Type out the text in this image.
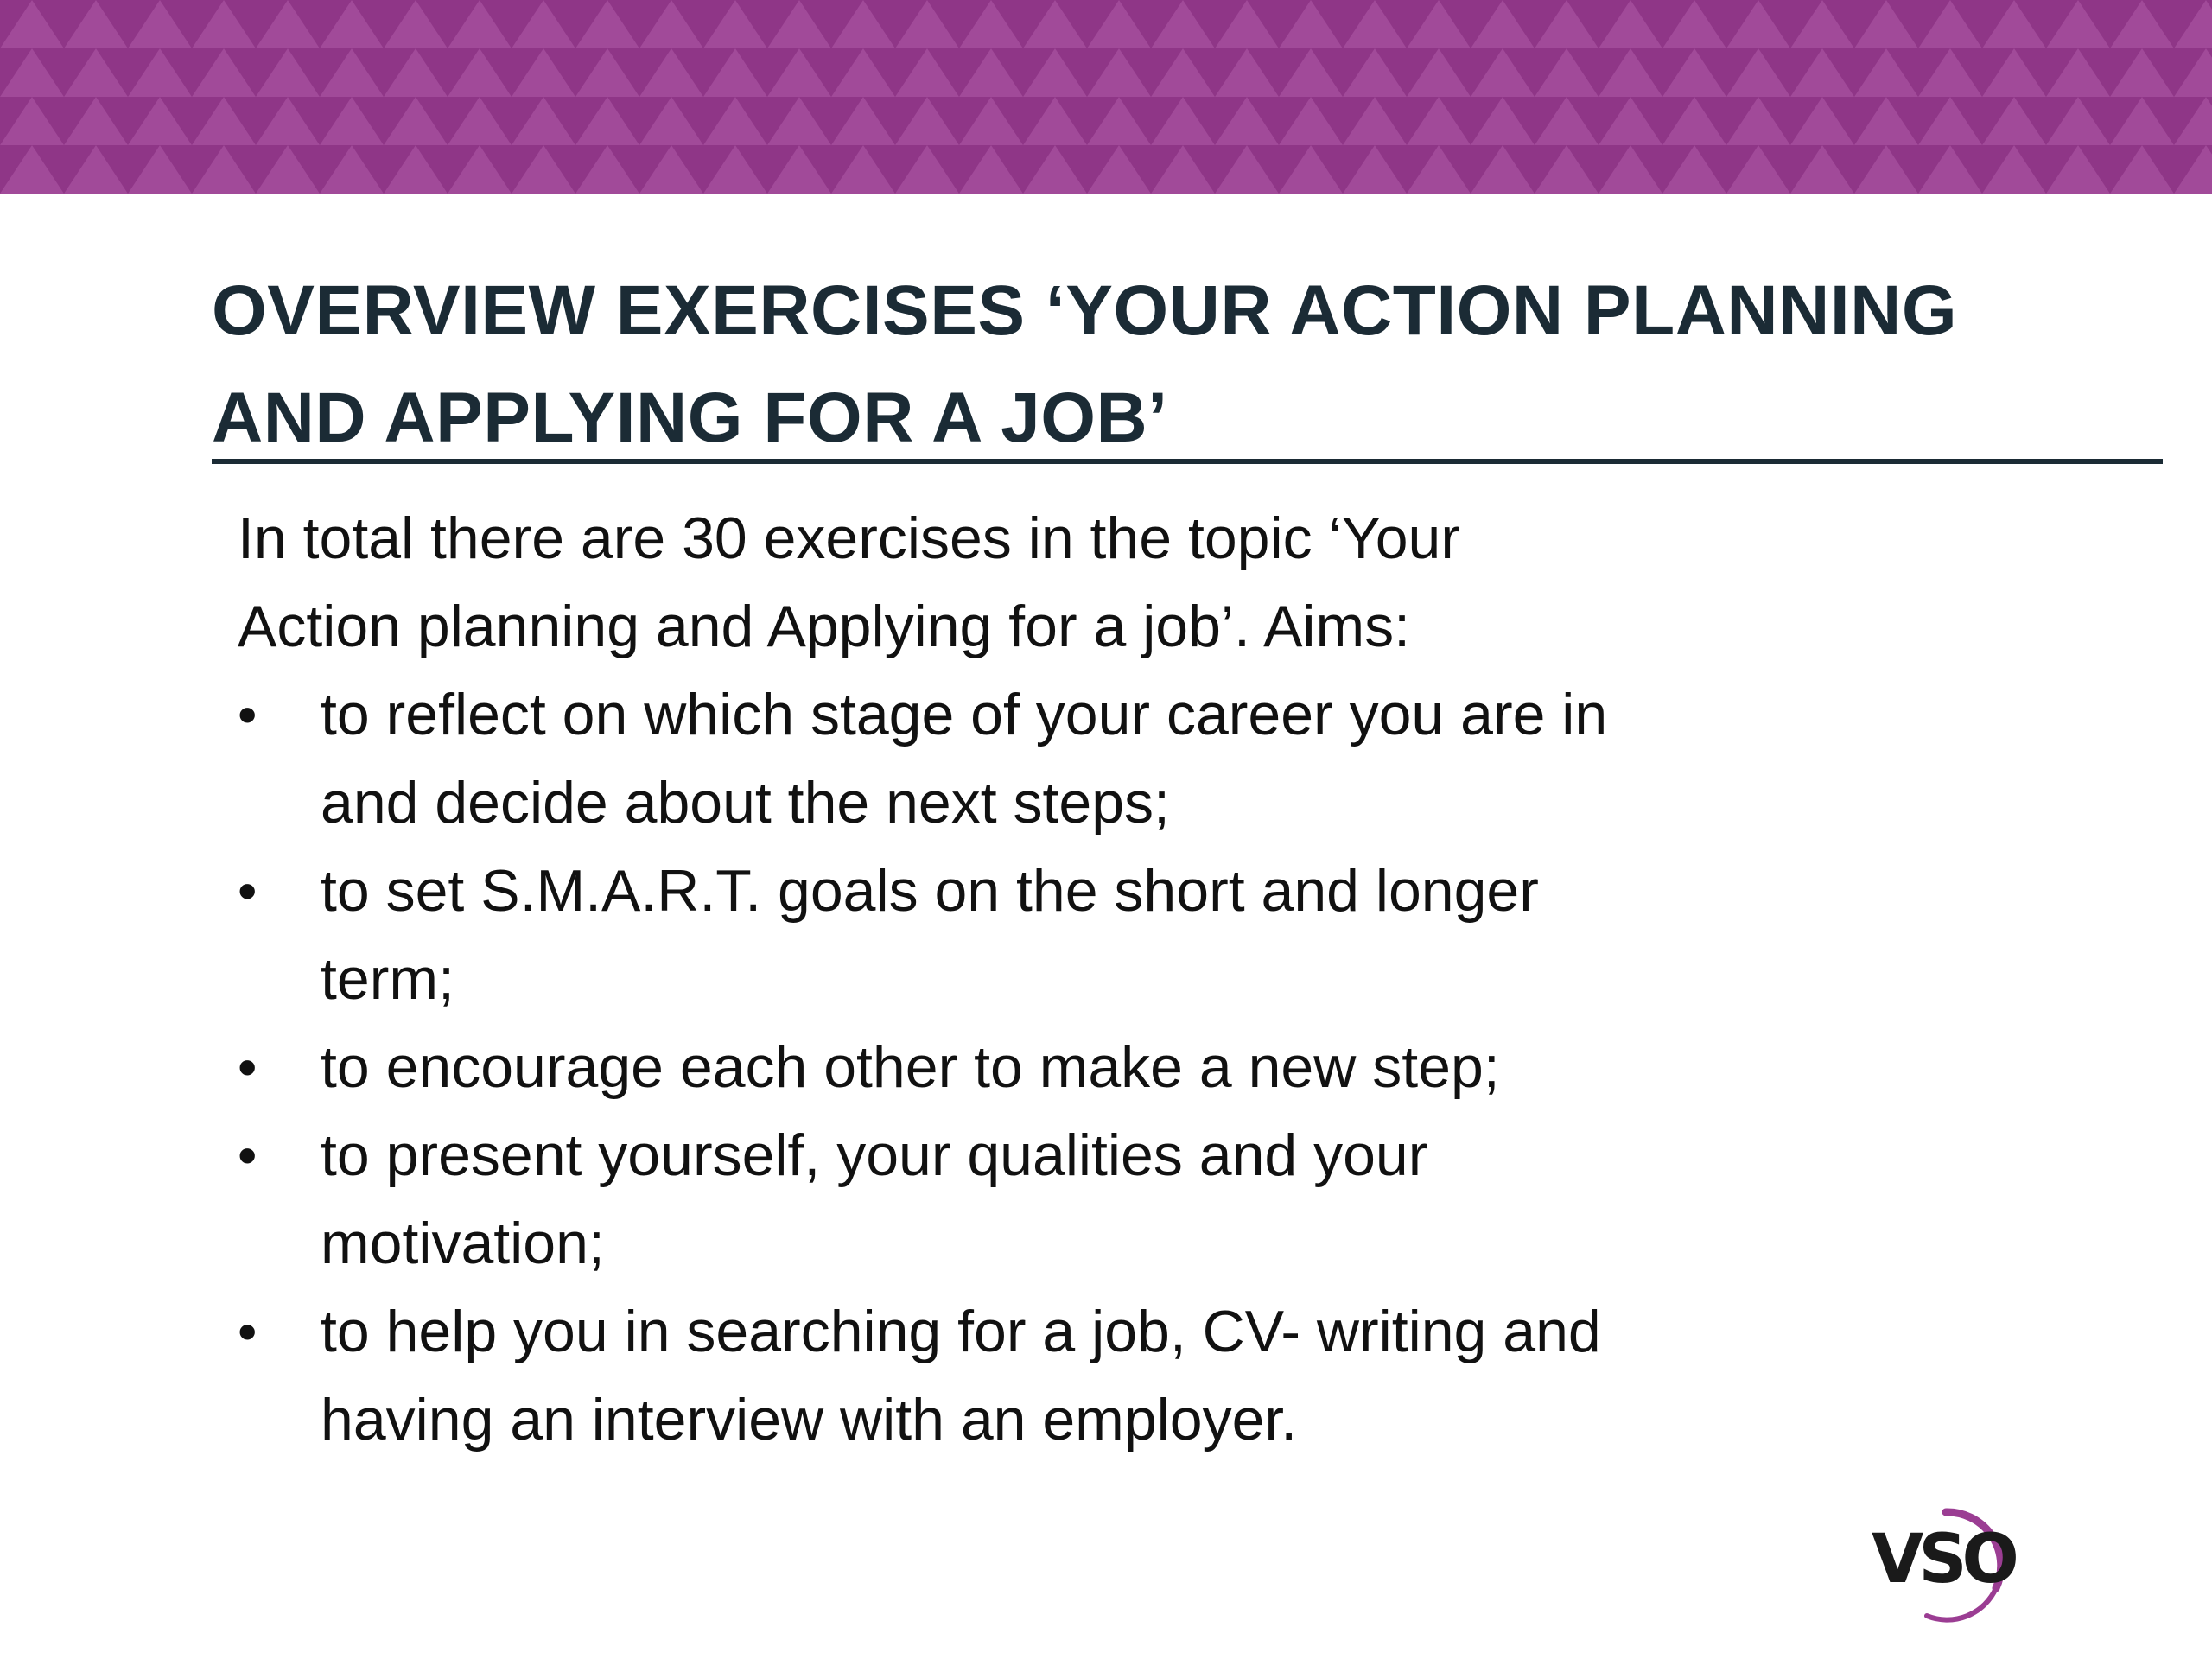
OVERVIEW EXERCISES ‘YOUR ACTION PLANNING
AND APPLYING FOR A JOB’

In total there are 30 exercises in the topic ‘Your
Action planning and Applying for a job’. Aims:

•	to reflect on which stage of your career you are in
and decide about the next steps;
•	to set S.M.A.R.T. goals on the short and longer
term;
•	to encourage each other to make a new step;
•	to present yourself, your qualities and your
motivation;
•	to help you in searching for a job, CV- writing and
having an interview with an employer.
VSO
